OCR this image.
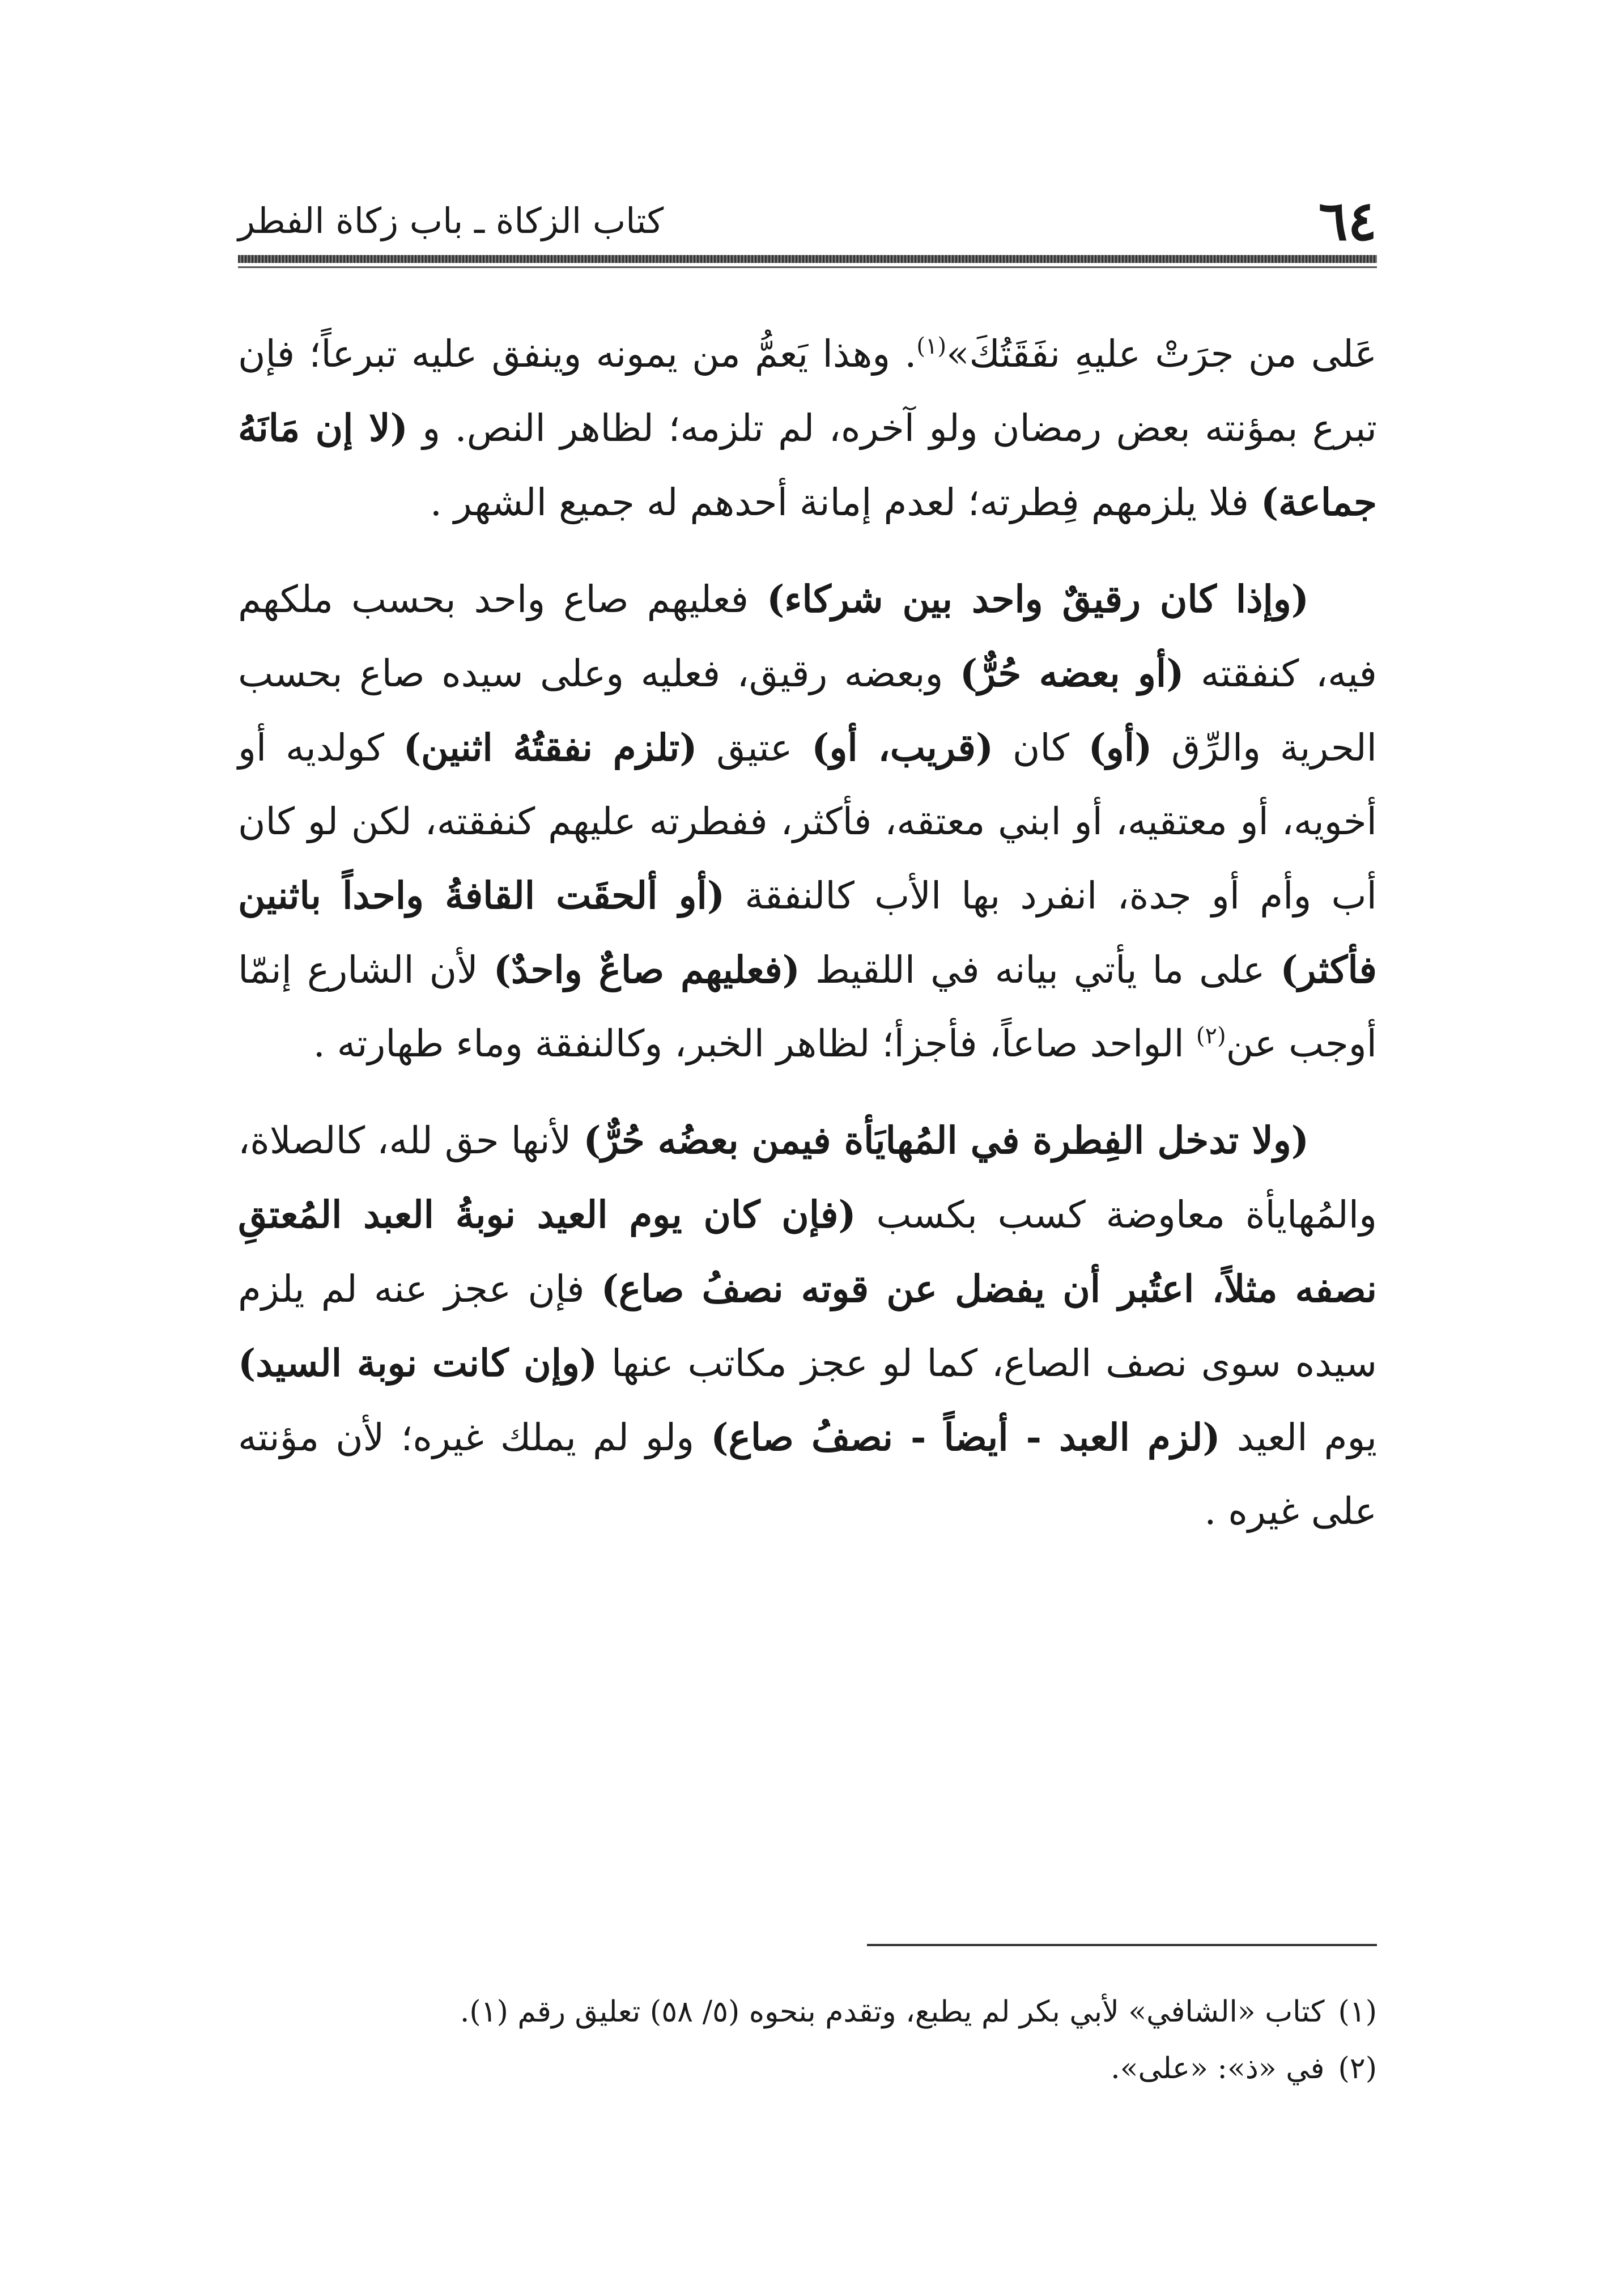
٦٤
كتاب الزكاة ـ باب زكاة الفطر

عَلى من جرَتْ عليهِ نفَقَتُكَ»$^{(١)}$. وهذا يَعمُّ من يمونه وينفق عليه تبرعاً؛ فإن تبرع بمؤنته بعض رمضان ولو آخره، لم تلزمه؛ لظاهر النص. و (لا إن مَانَهُ جماعة) فلا يلزمهم فِطرته؛ لعدم إمانة أحدهم له جميع الشهر .

(وإذا كان رقيقٌ واحد بين شركاء) فعليهم صاع واحد بحسب ملكهم فيه، كنفقته (أو بعضه حُرٌّ) وبعضه رقيق، فعليه وعلى سيده صاع بحسب الحرية والرِّق (أو) كان (قريب، أو) عتيق (تلزم نفقتُهُ اثنين) كولديه أو أخويه، أو معتقيه، أو ابني معتقه، فأكثر، ففطرته عليهم كنفقته، لكن لو كان أب وأم أو جدة، انفرد بها الأب كالنفقة (أو ألحقَت القافةُ واحداً باثنين فأكثر) على ما يأتي بيانه في اللقيط (فعليهم صاعٌ واحدٌ) لأن الشارع إنمّا أوجب عن$^{(٢)}$ الواحد صاعاً، فأجزأ؛ لظاهر الخبر، وكالنفقة وماء طهارته .

(ولا تدخل الفِطرة في المُهايَأة فيمن بعضُه حُرٌّ) لأنها حق لله، كالصلاة، والمُهايأة معاوضة كسب بكسب (فإن كان يوم العيد نوبةُ العبد المُعتقِ نصفه مثلاً، اعتُبر أن يفضل عن قوته نصفُ صاع) فإن عجز عنه لم يلزم سيده سوى نصف الصاع، كما لو عجز مكاتب عنها (وإن كانت نوبة السيد) يوم العيد (لزم العبد - أيضاً - نصفُ صاع) ولو لم يملك غيره؛ لأن مؤنته على غيره .

(١)
كتاب «الشافي» لأبي بكر لم يطبع، وتقدم بنحوه (٥/ ٥٨) تعليق رقم (١).
(٢)
في «ذ»: «على».
